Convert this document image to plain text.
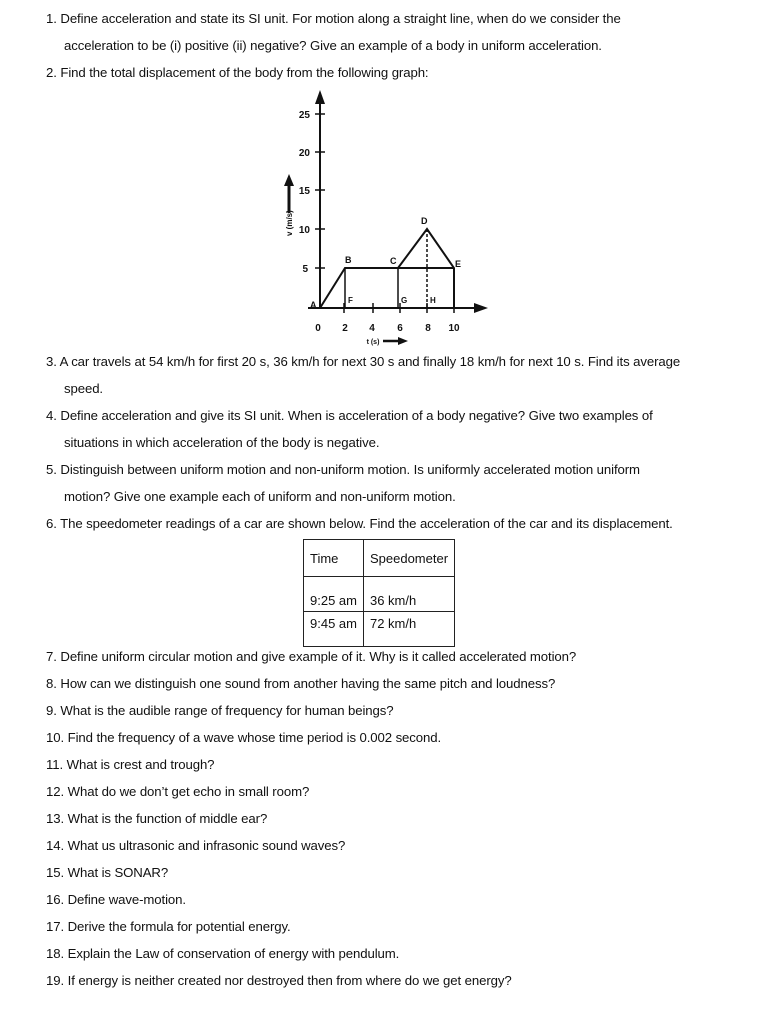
1. Define acceleration and state its SI unit. For motion along a straight line, when do we consider the
acceleration to be (i) positive (ii) negative? Give an example of a body in uniform acceleration.
2. Find the total displacement of the body from the following graph:
25
20
15
10
5
v (m/s)
0 2 4 6 8 10
t (s)
A
B	C
D
E
F	G	H
3. A car travels at 54 km/h for first 20 s, 36 km/h for next 30 s and finally 18 km/h for next 10 s. Find its average
speed.
4. Define acceleration and give its SI unit. When is acceleration of a body negative? Give two examples of
situations in which acceleration of the body is negative.
5. Distinguish between uniform motion and non-uniform motion. Is uniformly accelerated motion uniform
motion? Give one example each of uniform and non-uniform motion.
6. The speedometer readings of a car are shown below. Find the acceleration of the car and its displacement.
Time	Speedometer
9:25 am	36 km/h
9:45 am	72 km/h
7. Define uniform circular motion and give example of it. Why is it called accelerated motion?
8. How can we distinguish one sound from another having the same pitch and loudness?
9. What is the audible range of frequency for human beings?
10. Find the frequency of a wave whose time period is 0.002 second.
11. What is crest and trough?
12. What do we don’t get echo in small room?
13. What is the function of middle ear?
14. What us ultrasonic and infrasonic sound waves?
15. What is SONAR?
16. Define wave-motion.
17. Derive the formula for potential energy.
18. Explain the Law of conservation of energy with pendulum.
19. If energy is neither created nor destroyed then from where do we get energy?
